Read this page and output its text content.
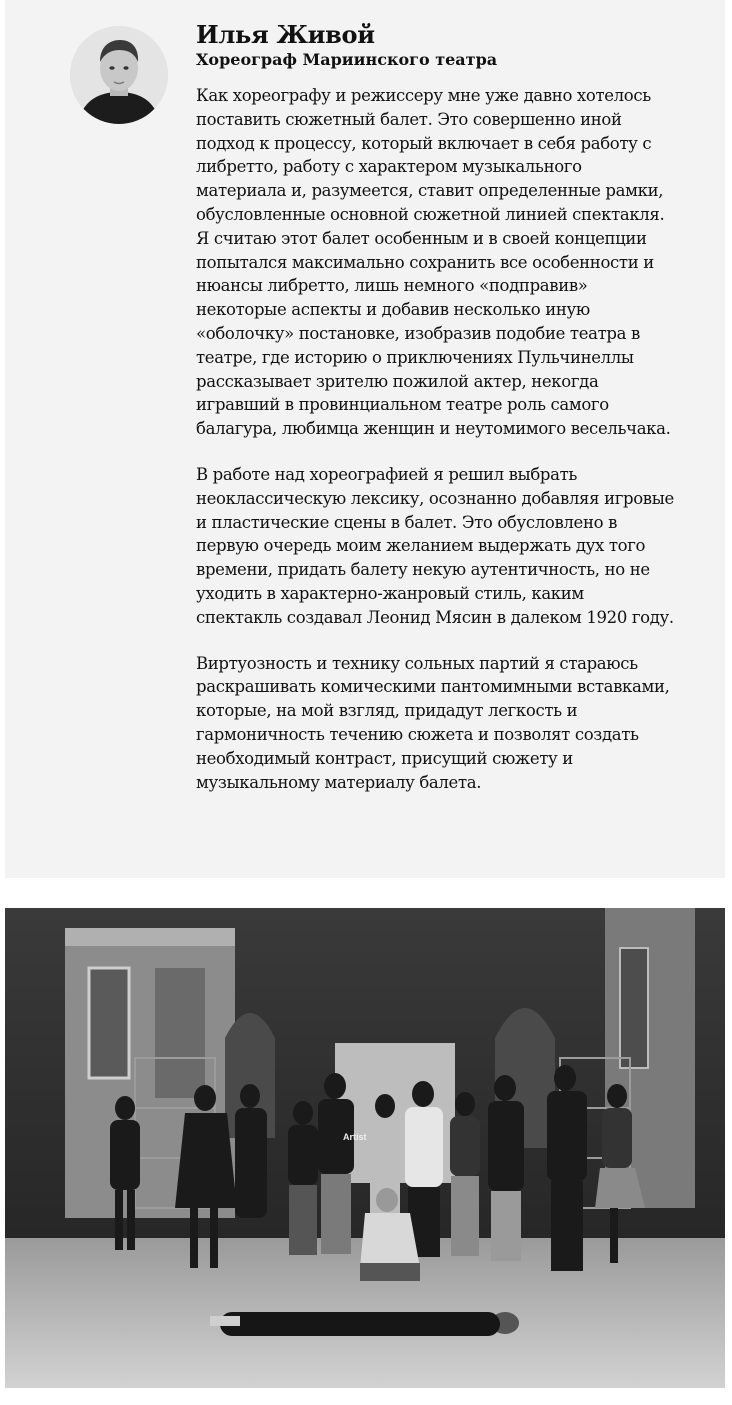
Илья Живой
Хореограф Мариинского театра

Как хореографу и режиссеру мне уже давно хотелось поставить сюжетный балет. Это совершенно иной подход к процессу, который включает в себя работу с либретто, работу с характером музыкального материала и, разумеется, ставит определенные рамки, обусловленные основной сюжетной линией спектакля. Я считаю этот балет особенным и в своей концепции попытался максимально сохранить все особенности и нюансы либретто, лишь немного «подправив» некоторые аспекты и добавив несколько иную «оболочку» постановке, изобразив подобие театра в театре, где историю о приключениях Пульчинеллы рассказывает зрителю пожилой актер, некогда игравший в провинциальном театре роль самого балагура, любимца женщин и неутомимого весельчака.

В работе над хореографией я решил выбрать неоклассическую лексику, осознанно добавляя игровые и пластические сцены в балет. Это обусловлено в первую очередь моим желанием выдержать дух того времени, придать балету некую аутентичность, но не уходить в характерно-жанровый стиль, каким спектакль создавал Леонид Мясин в далеком 1920 году.

Виртуозность и технику сольных партий я стараюсь раскрашивать комическими пантомимными вставками, которые, на мой взгляд, придадут легкость и гармоничность течению сюжета и позволят создать необходимый контраст, присущий сюжету и музыкальному материалу балета.

Artist
